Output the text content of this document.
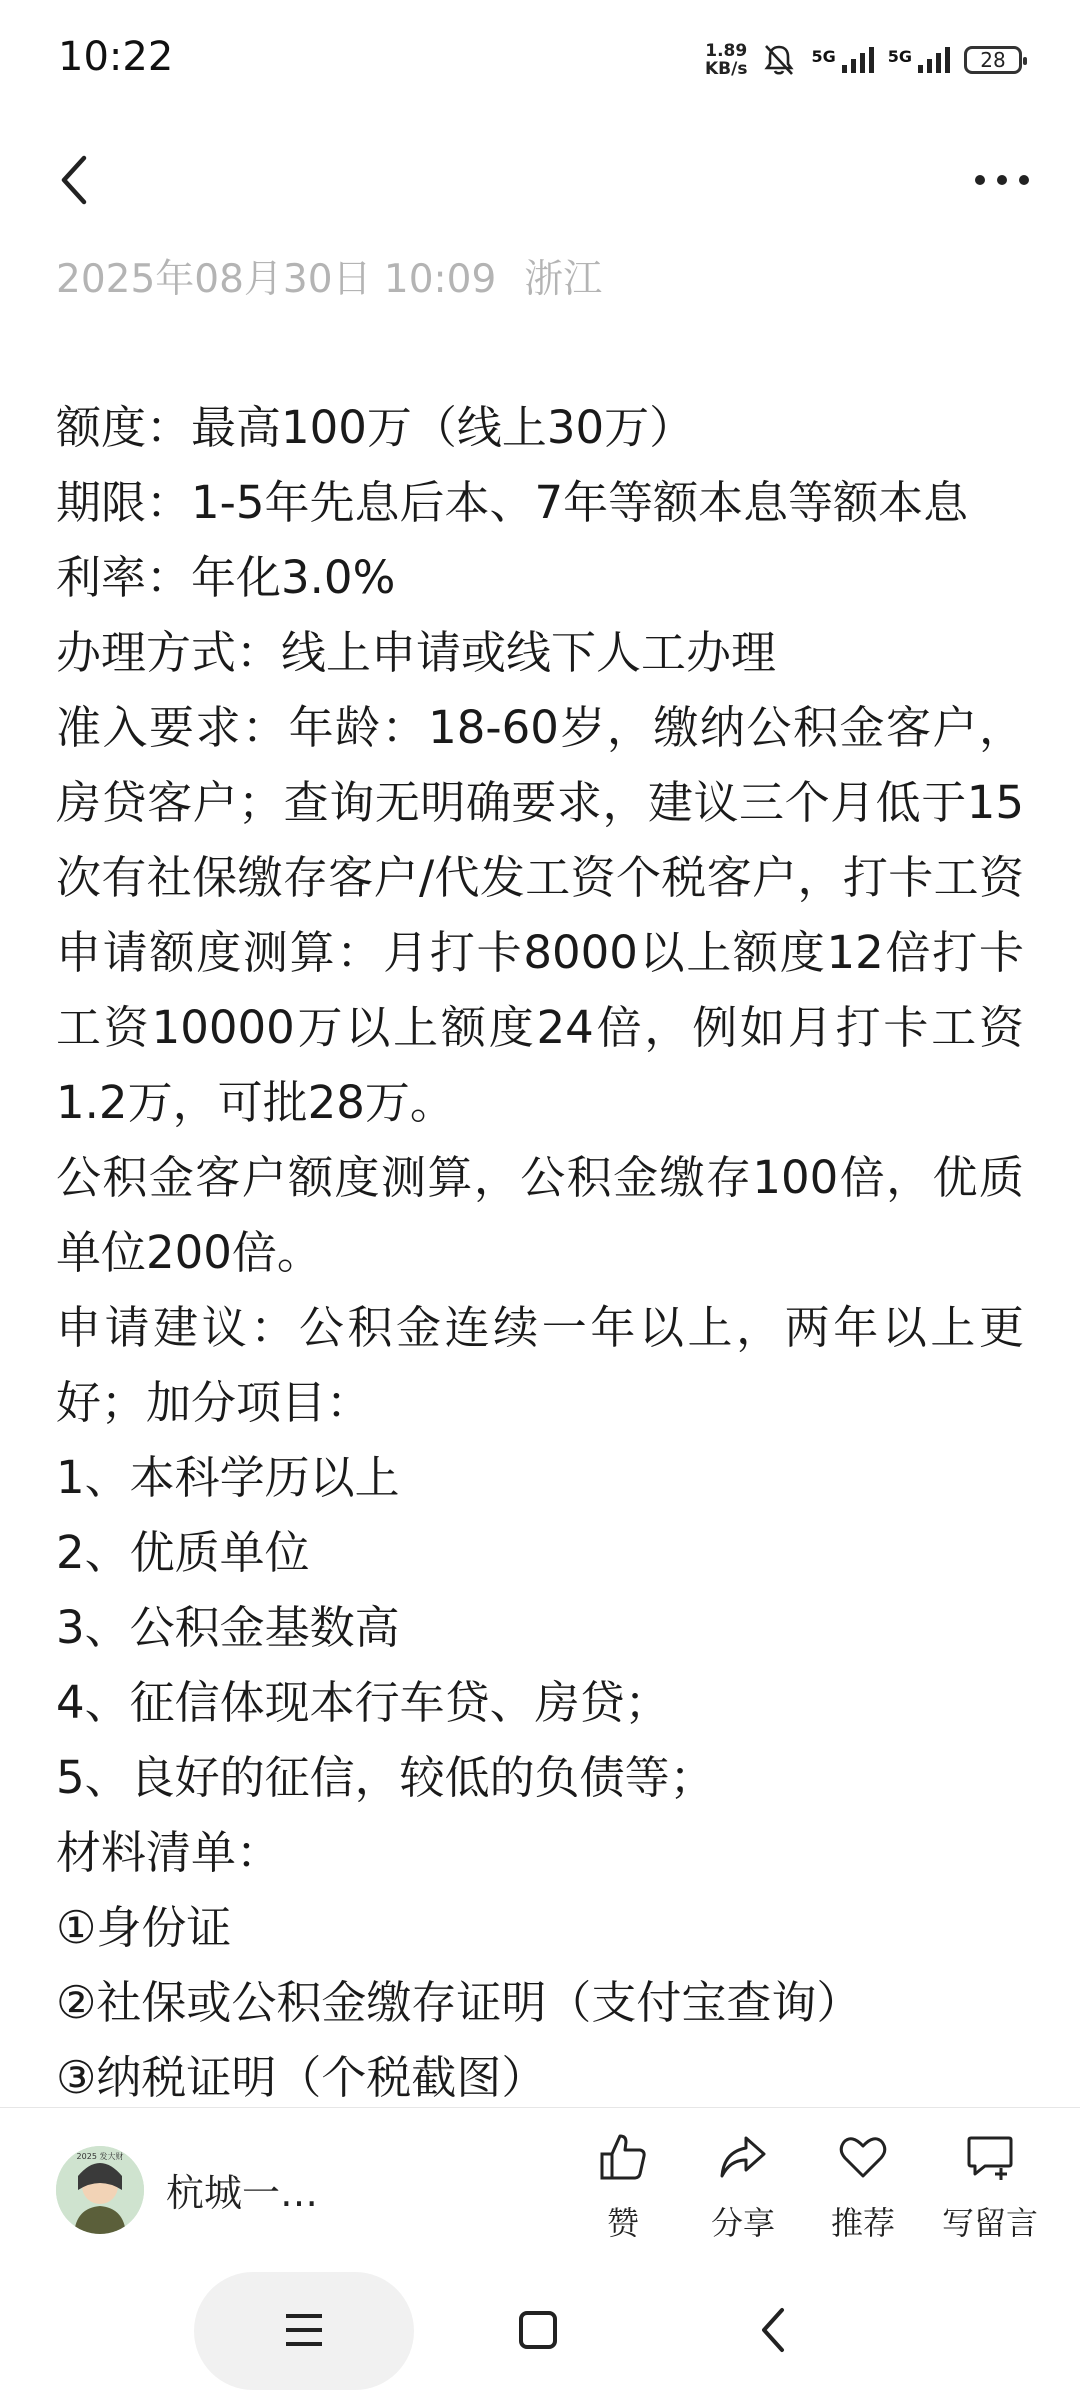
10:22	1.89
KB/s
5G	5G	28
2025年08月30日 10:09 浙江

额度：最高100万（线上30万）

期限：1-5年先息后本、7年等额本息等额本息

利率：年化3.0%

办理方式：线上申请或线下人工办理

准入要求：年龄：18-60岁，缴纳公积金客户，房贷客户；查询无明确要求，建议三个月低于15次有社保缴存客户/代发工资个税客户，打卡工资申请额度测算：月打卡8000以上额度12倍打卡工资10000万以上额度24倍，例如月打卡工资1.2万，可批28万。

公积金客户额度测算，公积金缴存100倍，优质单位200倍。

申请建议：公积金连续一年以上，两年以上更好；加分项目：

1、本科学历以上

2、优质单位

3、公积金基数高

4、征信体现本行车贷、房贷；

5、良好的征信，较低的负债等；

材料清单：

①身份证

②社保或公积金缴存证明（支付宝查询）

③纳税证明（个税截图）

2025 发大财
杭城一…
赞 分享 推荐 写留言
